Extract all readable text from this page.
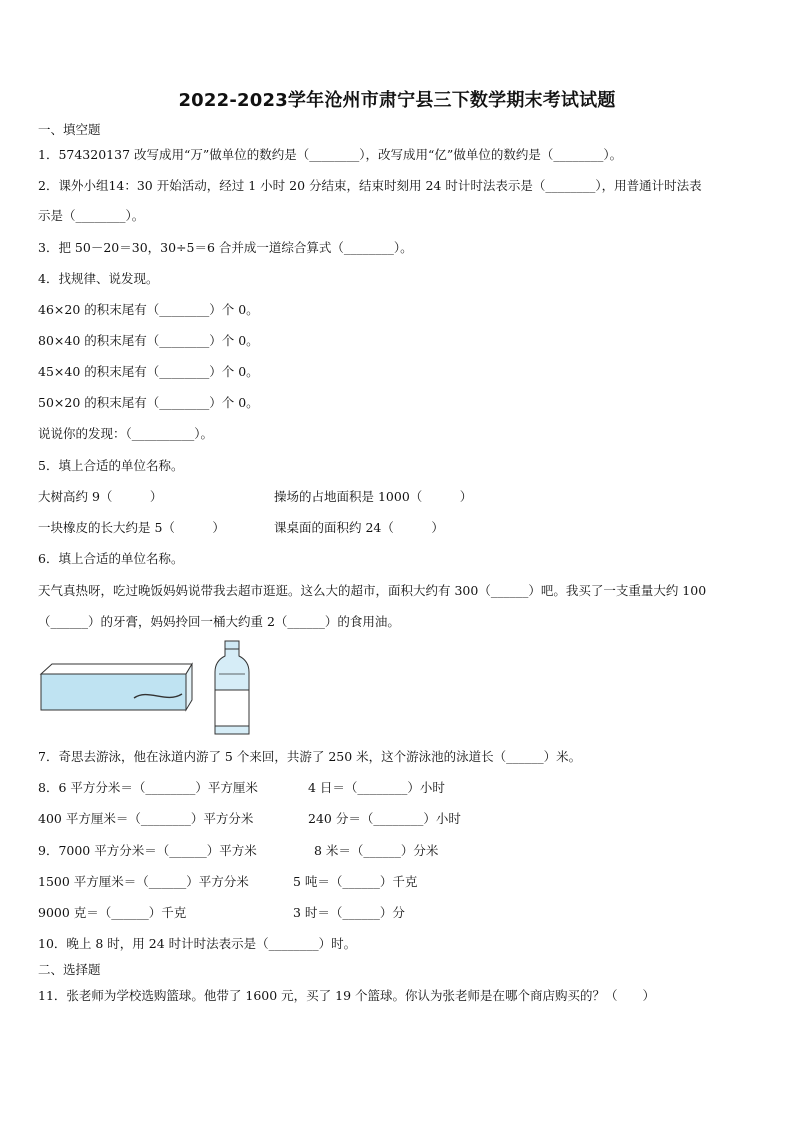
2022-2023学年沧州市肃宁县三下数学期末考试试题
一、填空题
1．574320137 改写成用“万”做单位的数约是（________），改写成用“亿”做单位的数约是（________）。
2．课外小组14：30 开始活动，经过 1 小时 20 分结束，结束时刻用 24 时计时法表示是（________），用普通计时法表
示是（________）。
3．把 50－20＝30，30÷5＝6 合并成一道综合算式（________）。
4．找规律、说发现。
46×20 的积末尾有（________）个 0。
80×40 的积末尾有（________）个 0。
45×40 的积末尾有（________）个 0。
50×20 的积末尾有（________）个 0。
说说你的发现：（__________）。
5．填上合适的单位名称。
大树高约 9（　　　）	操场的占地面积是 1000（　　　）
一块橡皮的长大约是 5（　　　）	课桌面的面积约 24（　　　）
6．填上合适的单位名称。
天气真热呀，吃过晚饭妈妈说带我去超市逛逛。这么大的超市，面积大约有 300（______）吧。我买了一支重量大约 100
（______）的牙膏，妈妈拎回一桶大约重 2（______）的食用油。
7．奇思去游泳，他在泳道内游了 5 个来回，共游了 250 米，这个游泳池的泳道长（______）米。
8．6 平方分米＝（________）平方厘米	4 日＝（________）小时
400 平方厘米＝（________）平方分米	240 分＝（________）小时
9．7000 平方分米＝（______）平方米	8 米＝（______）分米
1500 平方厘米＝（______）平方分米	5 吨＝（______）千克
9000 克＝（______）千克	3 时＝（______）分
10．晚上 8 时，用 24 时计时法表示是（________）时。
二、选择题
11．张老师为学校选购篮球。他带了 1600 元，买了 19 个篮球。你认为张老师是在哪个商店购买的？（　　）
